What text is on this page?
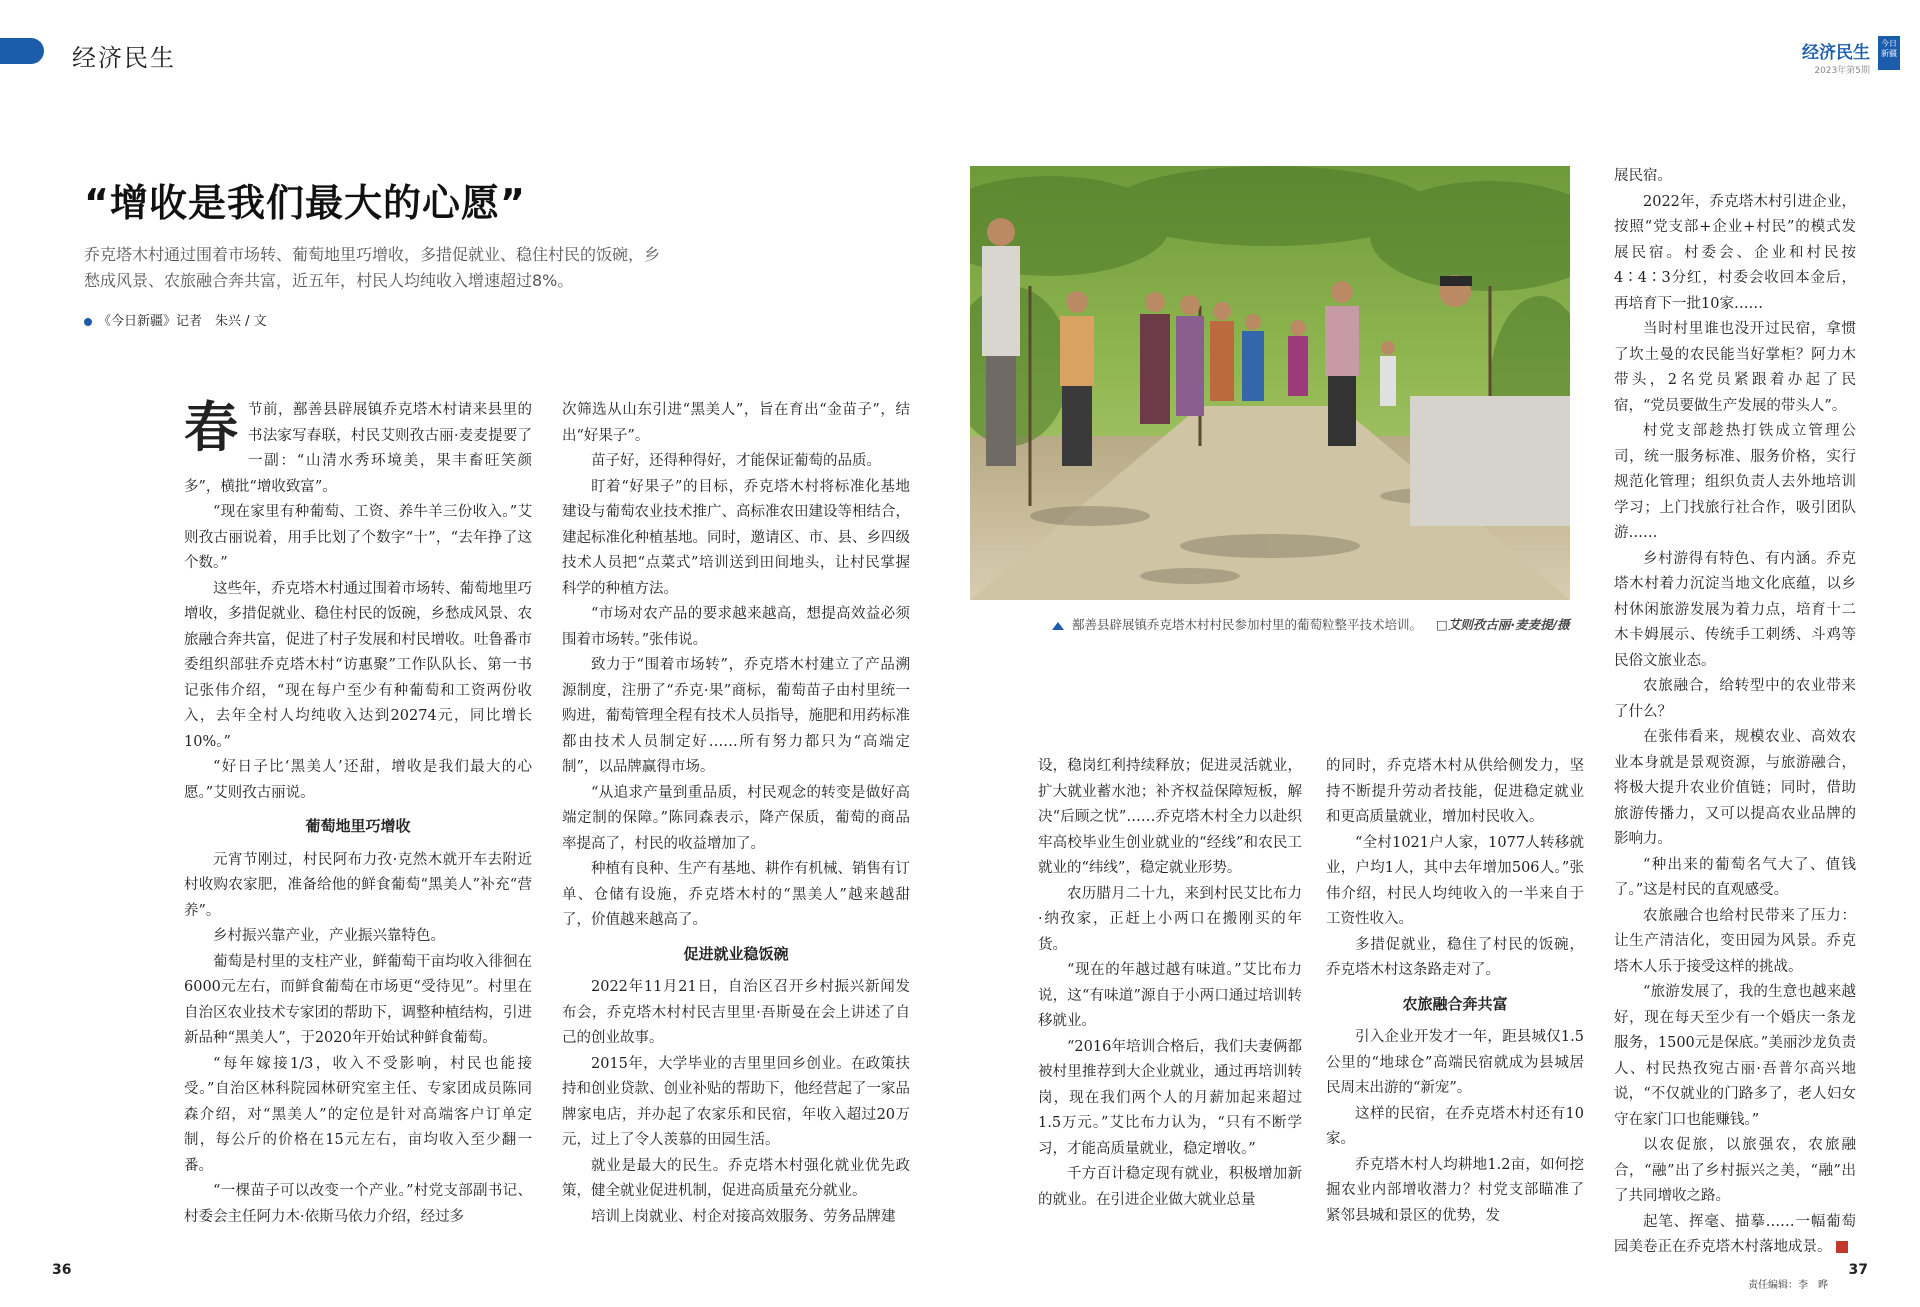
经济民生	经济民生
2023年第5期
今日新疆
“增收是我们最大的心愿”
乔克塔木村通过围着市场转、葡萄地里巧增收，多措促就业、稳住村民的饭碗，乡愁成风景、农旅融合奔共富，近五年，村民人均纯收入增速超过8%。
《今日新疆》记者　朱兴 / 文

春节前，鄯善县辟展镇乔克塔木村请来县里的书法家写春联，村民艾则孜古丽·麦麦提要了一副：“山清水秀环境美，果丰畜旺笑颜多”，横批“增收致富”。

“现在家里有种葡萄、工资、养牛羊三份收入。”艾则孜古丽说着，用手比划了个数字“十”，“去年挣了这个数。”

这些年，乔克塔木村通过围着市场转、葡萄地里巧增收，多措促就业、稳住村民的饭碗，乡愁成风景、农旅融合奔共富，促进了村子发展和村民增收。吐鲁番市委组织部驻乔克塔木村“访惠聚”工作队队长、第一书记张伟介绍，“现在每户至少有种葡萄和工资两份收入，去年全村人均纯收入达到20274元，同比增长10%。”

“好日子比‘黑美人’还甜，增收是我们最大的心愿。”艾则孜古丽说。

葡萄地里巧增收

元宵节刚过，村民阿布力孜·克然木就开车去附近村收购农家肥，准备给他的鲜食葡萄“黑美人”补充“营养”。

乡村振兴靠产业，产业振兴靠特色。

葡萄是村里的支柱产业，鲜葡萄干亩均收入徘徊在6000元左右，而鲜食葡萄在市场更“受待见”。村里在自治区农业技术专家团的帮助下，调整种植结构，引进新品种“黑美人”，于2020年开始试种鲜食葡萄。

“每年嫁接1/3，收入不受影响，村民也能接受。”自治区林科院园林研究室主任、专家团成员陈同森介绍，对“黑美人”的定位是针对高端客户订单定制，每公斤的价格在15元左右，亩均收入至少翻一番。

“一棵苗子可以改变一个产业。”村党支部副书记、村委会主任阿力木·依斯马依力介绍，经过多

次筛选从山东引进“黑美人”，旨在育出“金苗子”，结出“好果子”。

苗子好，还得种得好，才能保证葡萄的品质。

盯着“好果子”的目标，乔克塔木村将标准化基地建设与葡萄农业技术推广、高标准农田建设等相结合，建起标准化种植基地。同时，邀请区、市、县、乡四级技术人员把“点菜式”培训送到田间地头，让村民掌握科学的种植方法。

“市场对农产品的要求越来越高，想提高效益必须围着市场转。”张伟说。

致力于“围着市场转”，乔克塔木村建立了产品溯源制度，注册了“乔克·果”商标，葡萄苗子由村里统一购进，葡萄管理全程有技术人员指导，施肥和用药标准都由技术人员制定好……所有努力都只为“高端定制”，以品牌赢得市场。

“从追求产量到重品质，村民观念的转变是做好高端定制的保障。”陈同森表示，降产保质，葡萄的商品率提高了，村民的收益增加了。

种植有良种、生产有基地、耕作有机械、销售有订单、仓储有设施，乔克塔木村的“黑美人”越来越甜了，价值越来越高了。

促进就业稳饭碗

2022年11月21日，自治区召开乡村振兴新闻发布会，乔克塔木村村民吉里里·吾斯曼在会上讲述了自己的创业故事。

2015年，大学毕业的吉里里回乡创业。在政策扶持和创业贷款、创业补贴的帮助下，他经营起了一家品牌家电店，并办起了农家乐和民宿，年收入超过20万元，过上了令人羡慕的田园生活。

就业是最大的民生。乔克塔木村强化就业优先政策，健全就业促进机制，促进高质量充分就业。

培训上岗就业、村企对接高效服务、劳务品牌建

鄯善县辟展镇乔克塔木村村民参加村里的葡萄粒整平技术培训。 □艾则孜古丽·麦麦提/摄

设，稳岗红利持续释放；促进灵活就业，扩大就业蓄水池；补齐权益保障短板，解决“后顾之忧”……乔克塔木村全力以赴织牢高校毕业生创业就业的“经线”和农民工就业的“纬线”，稳定就业形势。

农历腊月二十九，来到村民艾比布力·纳孜家，正赶上小两口在搬刚买的年货。

“现在的年越过越有味道。”艾比布力说，这“有味道”源自于小两口通过培训转移就业。

“2016年培训合格后，我们夫妻俩都被村里推荐到大企业就业，通过再培训转岗，现在我们两个人的月薪加起来超过1.5万元。”艾比布力认为，“只有不断学习，才能高质量就业，稳定增收。”

千方百计稳定现有就业，积极增加新的就业。在引进企业做大就业总量

的同时，乔克塔木村从供给侧发力，坚持不断提升劳动者技能，促进稳定就业和更高质量就业，增加村民收入。

“全村1021户人家，1077人转移就业，户均1人，其中去年增加506人。”张伟介绍，村民人均纯收入的一半来自于工资性收入。

多措促就业，稳住了村民的饭碗，乔克塔木村这条路走对了。

农旅融合奔共富

引入企业开发才一年，距县城仅1.5公里的“地球仓”高端民宿就成为县城居民周末出游的“新宠”。

这样的民宿，在乔克塔木村还有10家。

乔克塔木村人均耕地1.2亩，如何挖掘农业内部增收潜力？村党支部瞄准了紧邻县城和景区的优势，发

展民宿。

2022年，乔克塔木村引进企业，按照“党支部+企业+村民”的模式发展民宿。村委会、企业和村民按4∶4∶3分红，村委会收回本金后，再培育下一批10家……

当时村里谁也没开过民宿，拿惯了坎土曼的农民能当好掌柜？阿力木带头，2名党员紧跟着办起了民宿，“党员要做生产发展的带头人”。

村党支部趁热打铁成立管理公司，统一服务标准、服务价格，实行规范化管理；组织负责人去外地培训学习；上门找旅行社合作，吸引团队游……

乡村游得有特色、有内涵。乔克塔木村着力沉淀当地文化底蕴，以乡村休闲旅游发展为着力点，培育十二木卡姆展示、传统手工刺绣、斗鸡等民俗文旅业态。

农旅融合，给转型中的农业带来了什么？

在张伟看来，规模农业、高效农业本身就是景观资源，与旅游融合，将极大提升农业价值链；同时，借助旅游传播力，又可以提高农业品牌的影响力。

“种出来的葡萄名气大了、值钱了。”这是村民的直观感受。

农旅融合也给村民带来了压力：让生产清洁化，变田园为风景。乔克塔木人乐于接受这样的挑战。

“旅游发展了，我的生意也越来越好，现在每天至少有一个婚庆一条龙服务，1500元是保底。”美丽沙龙负责人、村民热孜宛古丽·吾普尔高兴地说，“不仅就业的门路多了，老人妇女守在家门口也能赚钱。”

以农促旅，以旅强农，农旅融合，“融”出了乡村振兴之美，“融”出了共同增收之路。

起笔、挥毫、描摹……一幅葡萄园美卷正在乔克塔木村落地成景。

36	37
责任编辑：李　晔
